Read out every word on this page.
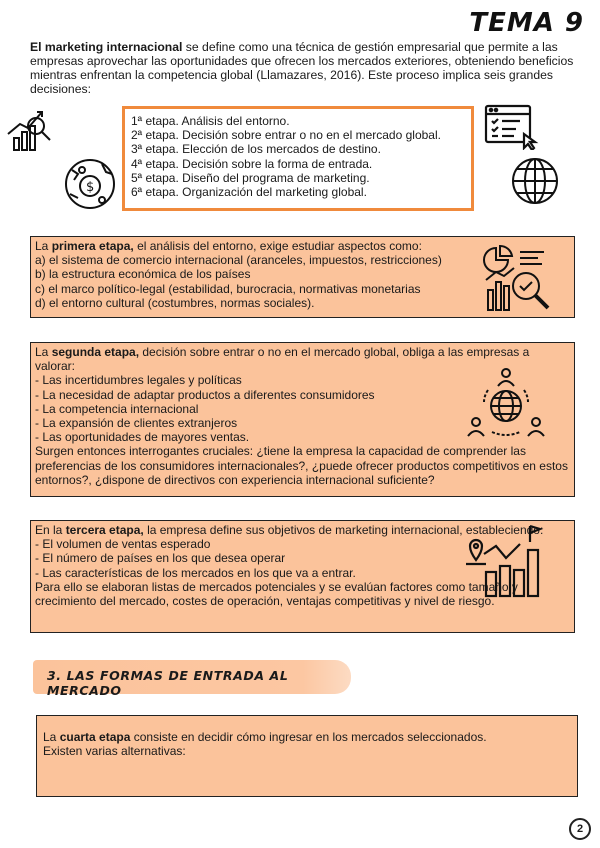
TEMA 9

El marketing internacional se define como una técnica de gestión empresarial que permite a las empresas aprovechar las oportunidades que ofrecen los mercados exteriores, obteniendo beneficios mientras enfrentan la competencia global (Llamazares, 2016). Este proceso implica seis grandes decisiones:

$
1ª etapa. Análisis del entorno.
2ª etapa. Decisión sobre entrar o no en el mercado global.
3ª etapa. Elección de los mercados de destino.
4ª etapa. Decisión sobre la forma de entrada.
5ª etapa. Diseño del programa de marketing.
6ª etapa. Organización del marketing global.
La primera etapa, el análisis del entorno, exige estudiar aspectos como:
a) el sistema de comercio internacional (aranceles, impuestos, restricciones)
b) la estructura económica de los países
c) el marco político-legal (estabilidad, burocracia, normativas monetarias
d) el entorno cultural (costumbres, normas sociales).
La segunda etapa, decisión sobre entrar o no en el mercado global, obliga a las empresas a valorar:
- Las incertidumbres legales y políticas
- La necesidad de adaptar productos a diferentes consumidores
- La competencia internacional
- La expansión de clientes extranjeros
- Las oportunidades de mayores ventas.
Surgen entonces interrogantes cruciales: ¿tiene la empresa la capacidad de comprender las preferencias de los consumidores internacionales?, ¿puede ofrecer productos competitivos en estos entornos?, ¿dispone de directivos con experiencia internacional suficiente?
En la tercera etapa, la empresa define sus objetivos de marketing internacional, estableciendo:
- El volumen de ventas esperado
- El número de países en los que desea operar
- Las características de los mercados en los que va a entrar.
Para ello se elaboran listas de mercados potenciales y se evalúan factores como tamaño y crecimiento del mercado, costes de operación, ventajas competitivas y nivel de riesgo.
3. LAS FORMAS DE ENTRADA AL MERCADO
La cuarta etapa consiste en decidir cómo ingresar en los mercados seleccionados.
Existen varias alternativas:
2
